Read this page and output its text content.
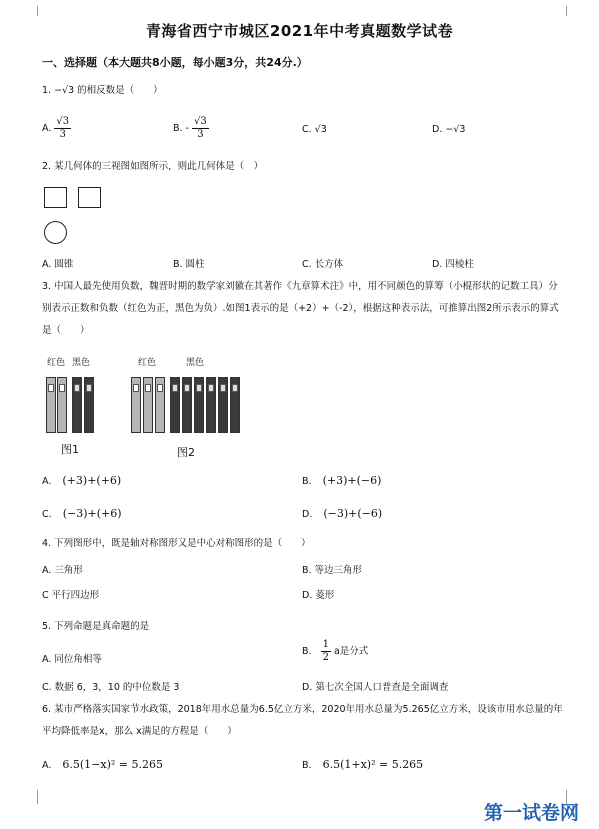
青海省西宁市城区2021年中考真题数学试卷
一、选择题（本大题共8小题，每小题3分，共24分.）
1. −√3 的相反数是（　　）
A. $\frac{√3}{3}$	B. - $\frac{√3}{3}$	C. √3	D. −√3
2. 某几何体的三视图如图所示，则此几何体是（　）
A. 圆锥	B. 圆柱	C. 长方体	D. 四棱柱
3. 中国人最先使用负数，魏晋时期的数学家刘徽在其著作《九章算术注》中，用不同颜色的算筹（小棍形状的记数工具）分别表示正数和负数（红色为正，黑色为负）.如图1表示的是（+2）+（-2），根据这种表示法，可推算出图2所示表示的算式是（　　）
红色 黑色
图1
红色	黑色
图2
A. (+3)+(+6)	B. (+3)+(−6)
C. (−3)+(+6)	D. (−3)+(−6)
4. 下列图形中，既是轴对称图形又是中心对称图形的是（　　）
A. 三角形	B. 等边三角形
C 平行四边形	D. 菱形
5. 下列命题是真命题的是
A. 同位角相等
B. $\frac{1}{2}$ a是分式
C. 数据 6，3，10 的中位数是 3	D. 第七次全国人口普查是全面调查
6. 某市严格落实国家节水政策，2018年用水总量为6.5亿立方米，2020年用水总量为5.265亿立方米，设该市用水总量的年平均降低率是x，那么 x满足的方程是（　　）
A. 6.5(1−x)² = 5.265	B. 6.5(1+x)² = 5.265
第一试卷网
